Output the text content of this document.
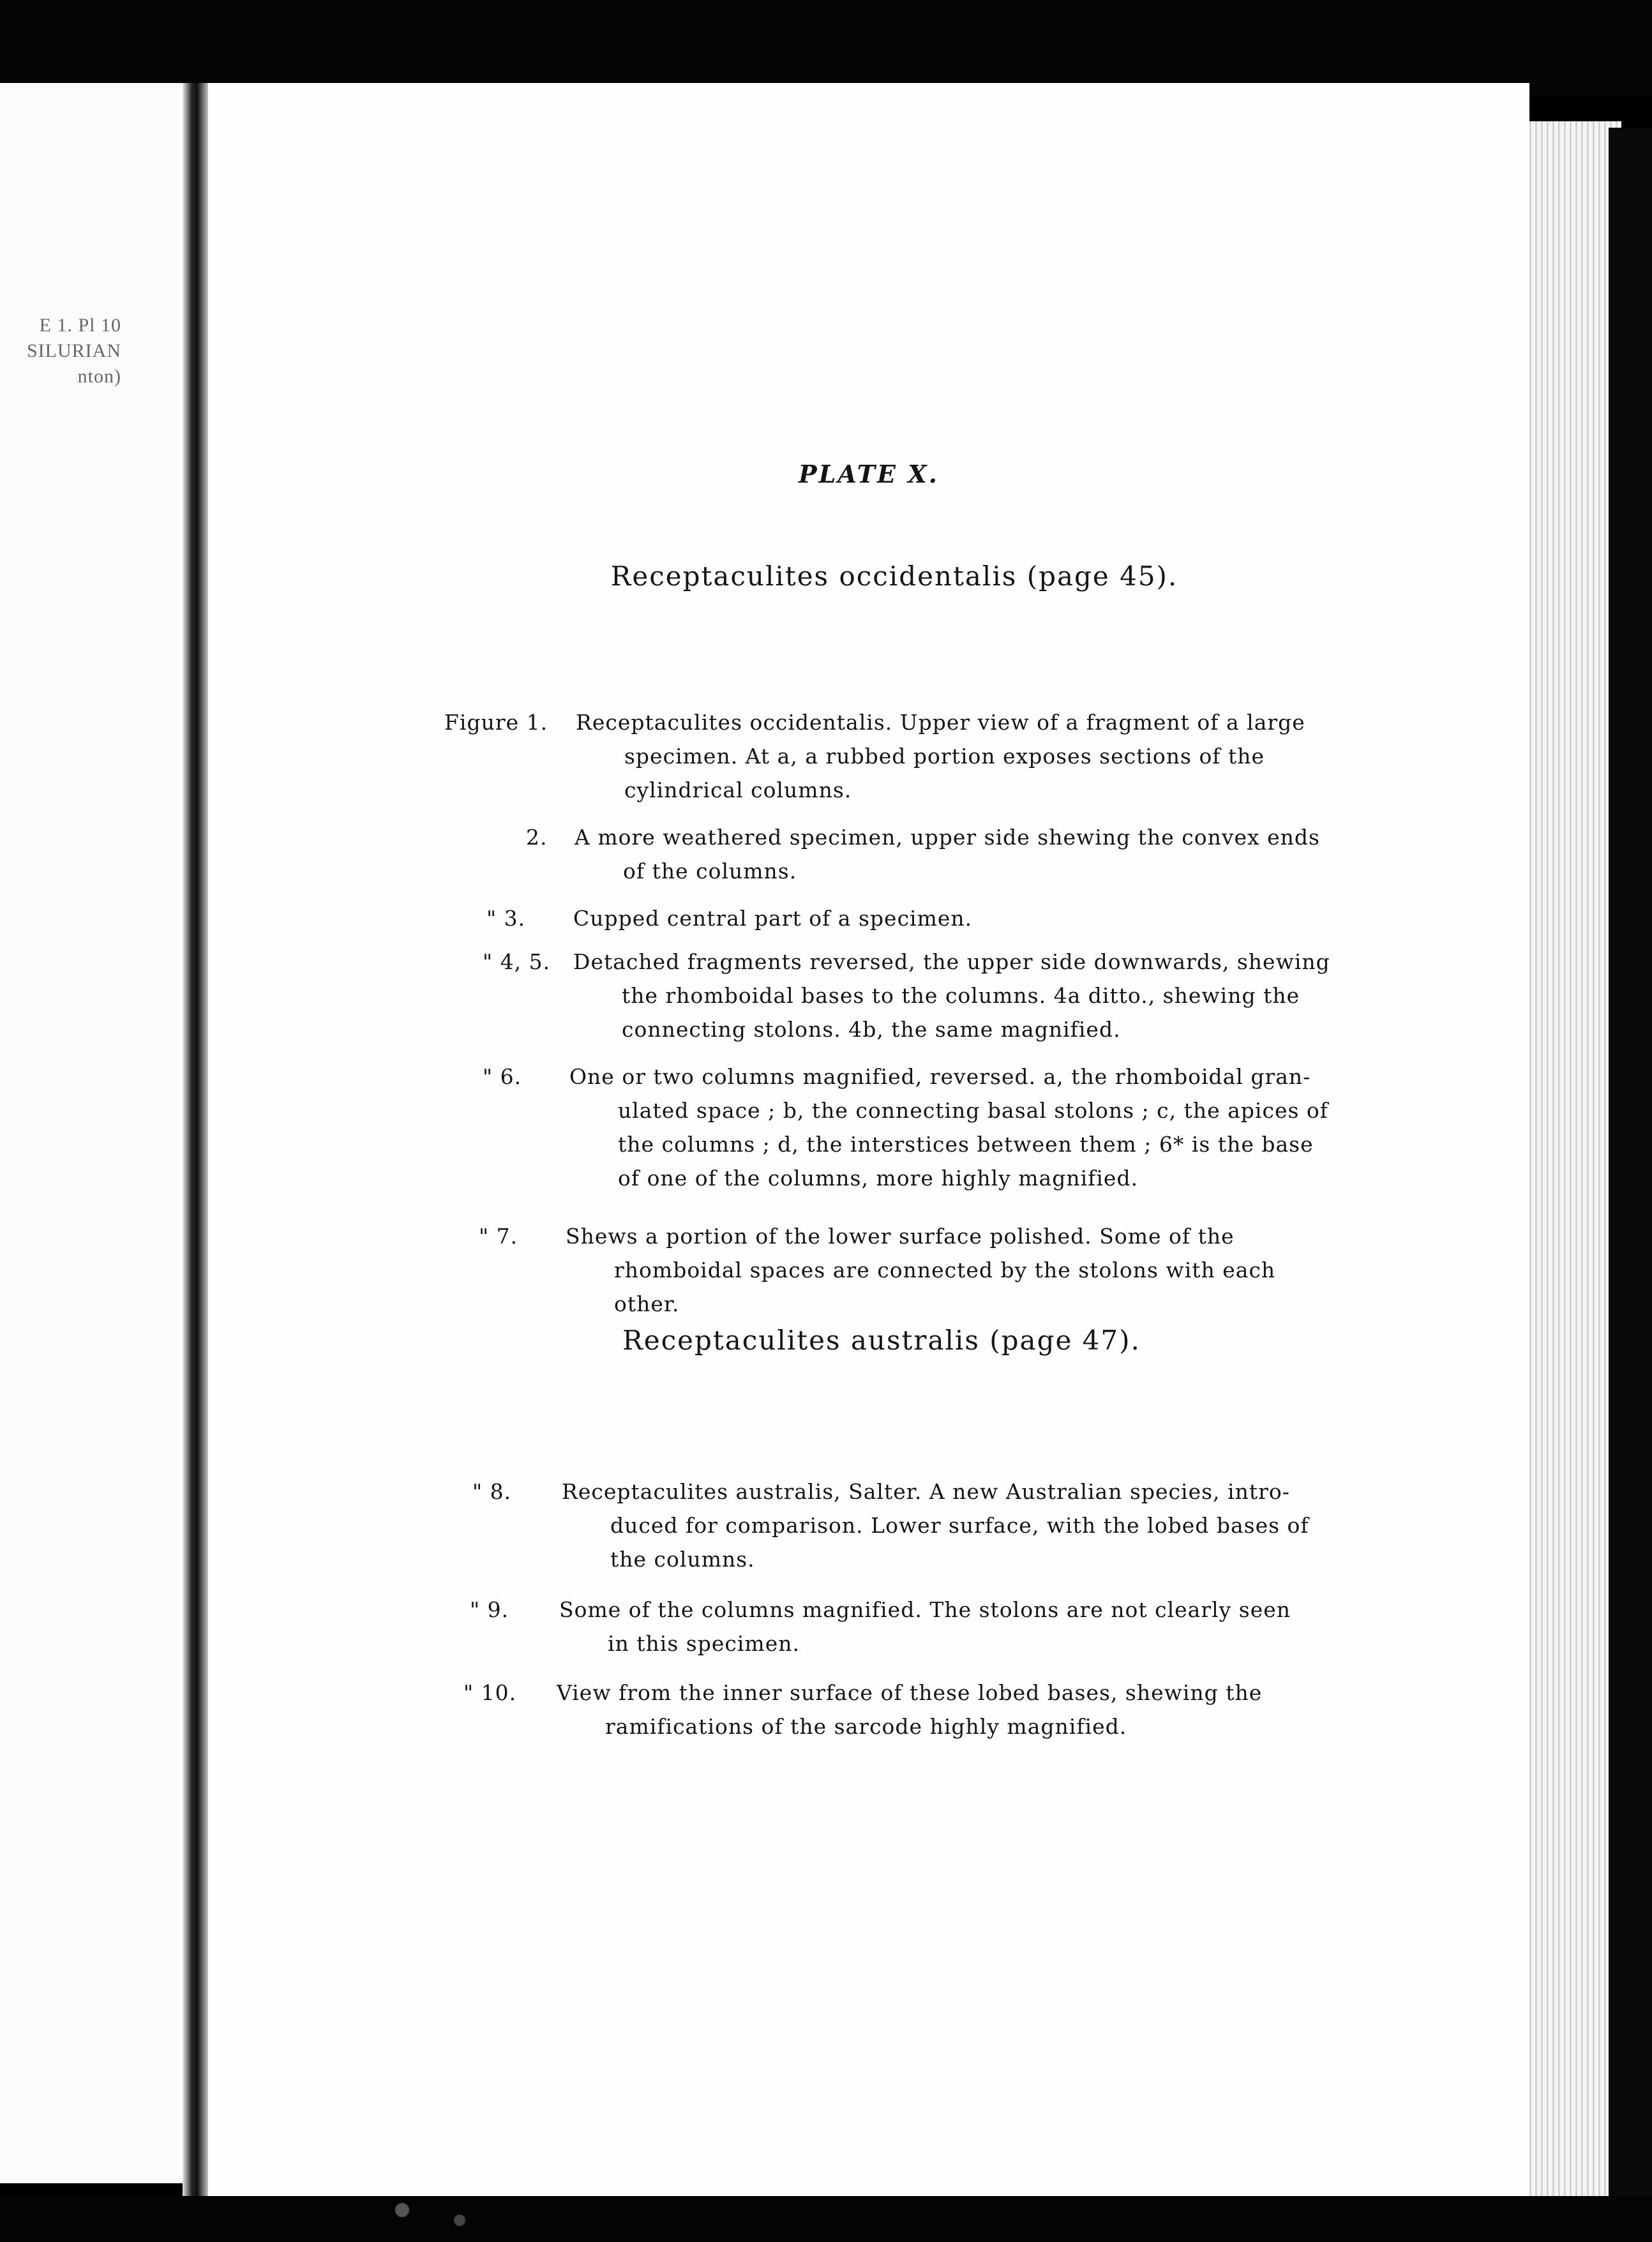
E 1. Pl 10
SILURIAN
nton)
PLATE X.
Receptaculites occidentalis (page 45).
Figure 1. Receptaculites occidentalis. Upper view of a fragment of a large
specimen. At a, a rubbed portion exposes sections of the
cylindrical columns.
2. A more weathered specimen, upper side shewing the convex ends
of the columns.
" 3. Cupped central part of a specimen.
" 4, 5. Detached fragments reversed, the upper side downwards, shewing
the rhomboidal bases to the columns. 4a ditto., shewing the
connecting stolons. 4b, the same magnified.
" 6. One or two columns magnified, reversed. a, the rhomboidal gran-
ulated space ; b, the connecting basal stolons ; c, the apices of
the columns ; d, the interstices between them ; 6* is the base
of one of the columns, more highly magnified.
" 7. Shews a portion of the lower surface polished. Some of the
rhomboidal spaces are connected by the stolons with each
other.
Receptaculites australis (page 47).
" 8. Receptaculites australis, Salter. A new Australian species, intro-
duced for comparison. Lower surface, with the lobed bases of
the columns.
" 9. Some of the columns magnified. The stolons are not clearly seen
in this specimen.
" 10. View from the inner surface of these lobed bases, shewing the
ramifications of the sarcode highly magnified.
